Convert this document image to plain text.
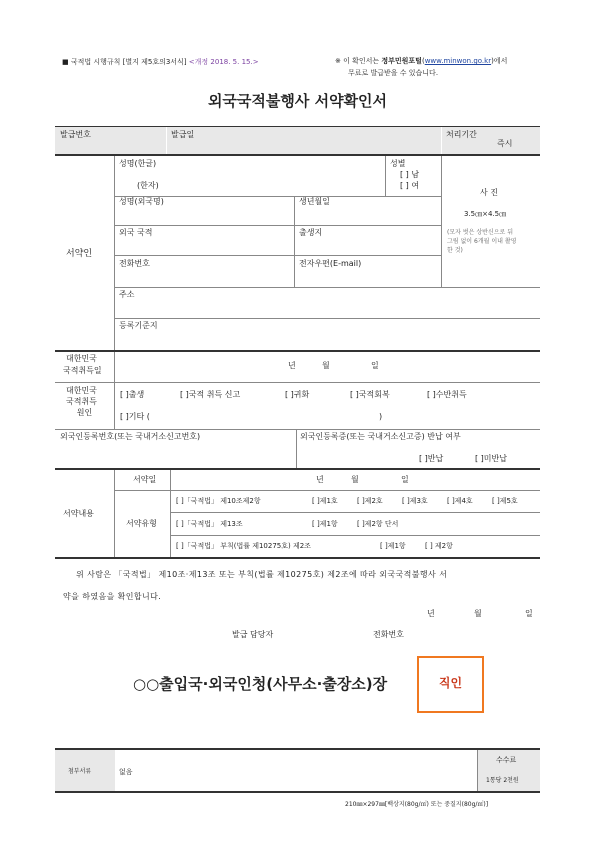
■ 국적법 시행규칙 [별지 제5호의3서식] <개정 2018. 5. 15.>	※ 이 확인서는 정부민원포털(www.minwon.go.kr)에서
무료로 발급받을 수 있습니다.
외국국적불행사 서약확인서
발급번호	발급일	처리기간
즉시
서약인
성명(한글)
(한자)
성별
[ ] 남
[ ] 여
성명(외국명)	생년월일
외국 국적	출생지
전화번호	전자우편(E-mail)
사 진
3.5㎝×4.5㎝
(모자 벗은 상반신으로 뒤
그림 없이 6개월 이내 촬영
한 것)
주소
등록기준지
대한민국
국적취득일
년	월	일
대한민국
국적취득
원인
[ ]출생	[ ]국적 취득 신고	[ ]귀화	[ ]국적회복	[ ]수반취득
[ ]기타 (	)
외국인등록번호(또는 국내거소신고번호)	외국인등록증(또는 국내거소신고증) 반납 여부
[ ]반납	[ ]미반납
서약내용
서약일	년	월	일
서약유형
[ ]「국적법」 제10조제2항	[ ]제1호	[ ]제2호	[ ]제3호	[ ]제4호	[ ]제5호
[ ]「국적법」 제13조	[ ]제1항	[ ]제2항 단서
[ ]「국적법」 부칙(법률 제10275호) 제2조	[ ]제1항	[ ] 제2항
위 사람은 「국적법」 제10조·제13조 또는 부칙(법률 제10275호) 제2조에 따라 외국국적불행사 서
약을 하였음을 확인합니다.
년	월	일
발급 담당자	전화번호
○○출입국·외국인청(사무소·출장소)장	직인
첨부서류	없음
수수료
1통당 2천원
210㎜×297㎜[백상지(80g/㎡) 또는 중질지(80g/㎡)]
